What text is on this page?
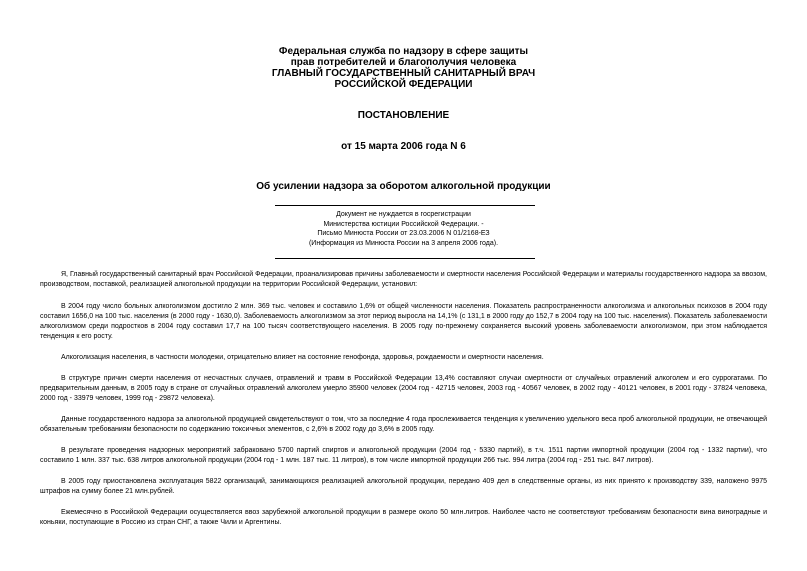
Федеральная служба по надзору в сфере защиты
прав потребителей и благополучия человека
ГЛАВНЫЙ ГОСУДАРСТВЕННЫЙ САНИТАРНЫЙ ВРАЧ
РОССИЙСКОЙ ФЕДЕРАЦИИ
ПОСТАНОВЛЕНИЕ
от 15 марта 2006 года N 6
Об усилении надзора за оборотом алкогольной продукции
Документ не нуждается в госрегистрации
Министерства юстиции Российской Федерации. -
Письмо Минюста России от 23.03.2006 N 01/2168-ЕЗ
(Информация из Минюста России на 3 апреля 2006 года).

Я, Главный государственный санитарный врач Российской Федерации, проанализировав причины заболеваемости и смертности населения Российской Федерации и материалы государственного надзора за ввозом, производством, поставкой, реализацией алкогольной продукции на территории Российской Федерации, установил:

В 2004 году число больных алкоголизмом достигло 2 млн. 369 тыс. человек и составило 1,6% от общей численности населения. Показатель распространенности алкоголизма и алкогольных психозов в 2004 году составил 1656,0 на 100 тыс. населения (в 2000 году - 1630,0). Заболеваемость алкоголизмом за этот период выросла на 14,1% (с 131,1 в 2000 году до 152,7 в 2004 году на 100 тыс. населения). Показатель заболеваемости алкоголизмом среди подростков в 2004 году составил 17,7 на 100 тысяч соответствующего населения. В 2005 году по-прежнему сохраняется высокий уровень заболеваемости алкоголизмом, при этом наблюдается тенденция к его росту.

Алкоголизация населения, в частности молодежи, отрицательно влияет на состояние генофонда, здоровья, рождаемости и смертности населения.

В структуре причин смерти населения от несчастных случаев, отравлений и травм в Российской Федерации 13,4% составляют случаи смертности от случайных отравлений алкоголем и его суррогатами. По предварительным данным, в 2005 году в стране от случайных отравлений алкоголем умерло 35900 человек (2004 год - 42715 человек, 2003 год - 40567 человек, в 2002 году - 40121 человек, в 2001 году - 37824 человека, 2000 год - 33979 человек, 1999 год - 29872 человека).

Данные государственного надзора за алкогольной продукцией свидетельствуют о том, что за последние 4 года прослеживается тенденция к увеличению удельного веса проб алкогольной продукции, не отвечающей обязательным требованиям безопасности по содержанию токсичных элементов, с 2,6% в 2002 году до 3,6% в 2005 году.

В результате проведения надзорных мероприятий забраковано 5700 партий спиртов и алкогольной продукции (2004 год - 5330 партий), в т.ч. 1511 партии импортной продукции (2004 год - 1332 партии), что составило 1 млн. 337 тыс. 638 литров алкогольной продукции (2004 год - 1 млн. 187 тыс. 11 литров), в том числе импортной продукции 266 тыс. 994 литра (2004 год - 251 тыс. 847 литров).

В 2005 году приостановлена эксплуатация 5822 организаций, занимающихся реализацией алкогольной продукции, передано 409 дел в следственные органы, из них принято к производству 339, наложено 9975 штрафов на сумму более 21 млн.рублей.

Ежемесячно в Российской Федерации осуществляется ввоз зарубежной алкогольной продукции в размере около 50 млн.литров. Наиболее часто не соответствуют требованиям безопасности вина виноградные и коньяки, поступающие в Россию из стран СНГ, а также Чили и Аргентины.
